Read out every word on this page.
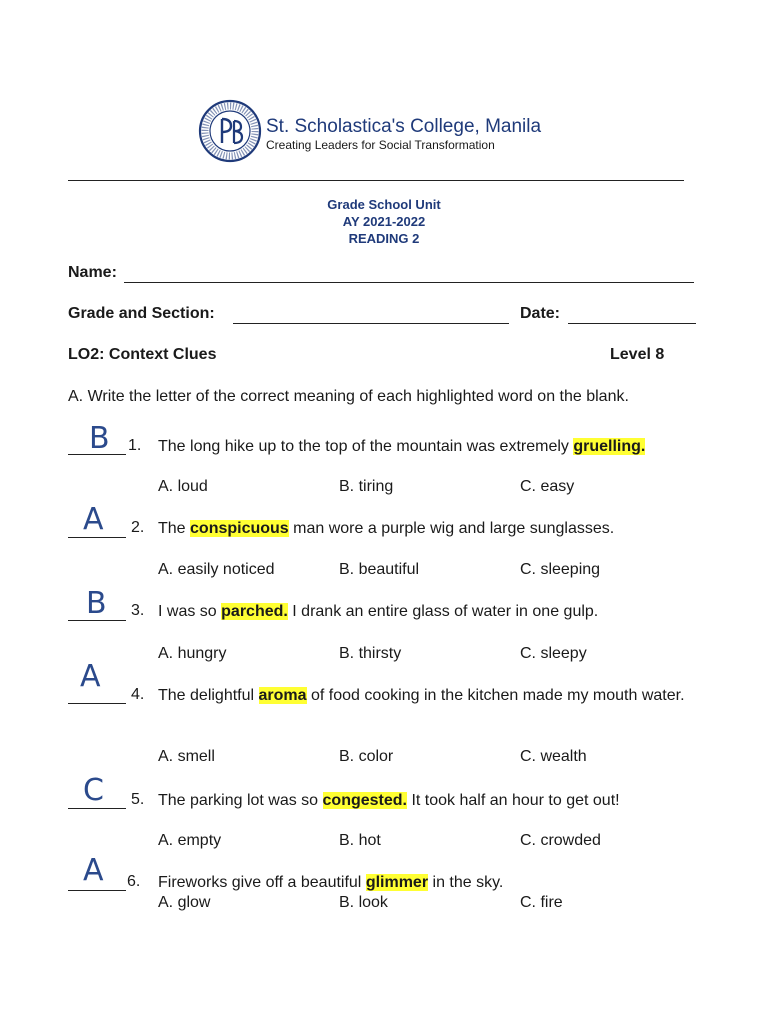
St. Scholastica's College, Manila
Creating Leaders for Social Transformation
Grade School Unit
AY 2021-2022
READING 2
Name:
Grade and Section:	Date:
LO2: Context Clues	Level 8
A. Write the letter of the correct meaning of each highlighted word on the blank.
B 1. The long hike up to the top of the mountain was extremely gruelling.
A. loud	B. tiring	C. easy
A 2. The conspicuous man wore a purple wig and large sunglasses.
A. easily noticed	B. beautiful	C. sleeping
B 3. I was so parched. I drank an entire glass of water in one gulp.
A. hungry	B. thirsty	C. sleepy
A
4. The delightful aroma of food cooking in the kitchen made my mouth water.
A. smell	B. color	C. wealth
C 5. The parking lot was so congested. It took half an hour to get out!
A. empty	B. hot	C. crowded
A 6. Fireworks give off a beautiful glimmer in the sky.
A. glow	B. look	C. fire
